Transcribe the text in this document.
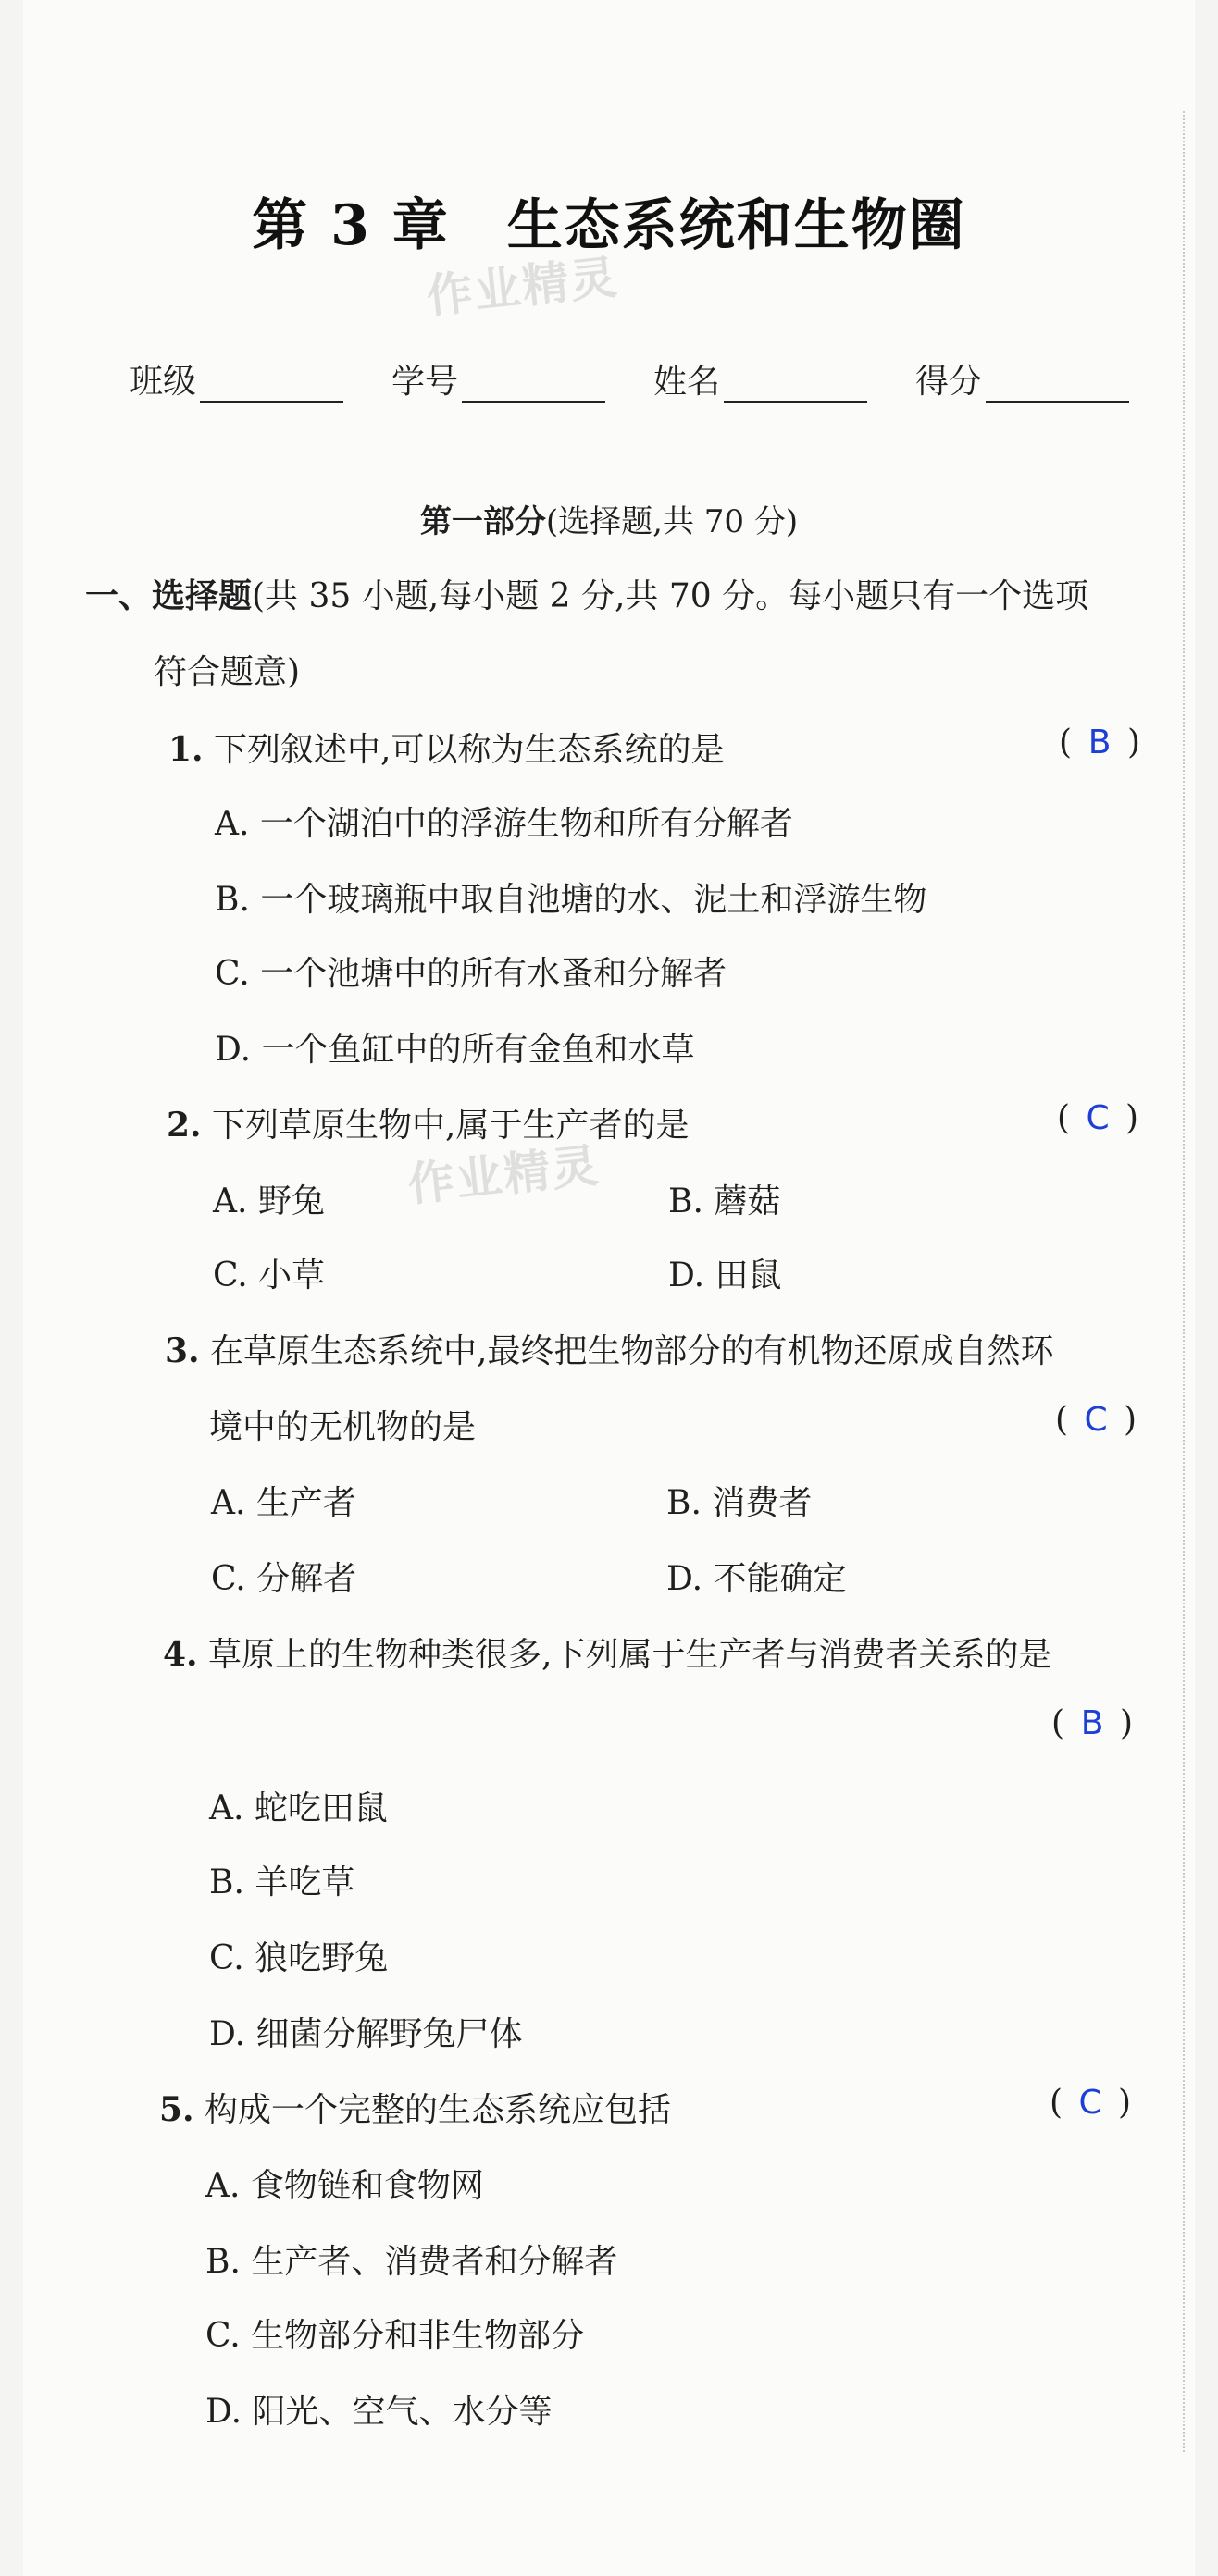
第 3 章　生态系统和生物圈
作业精灵
作业精灵
班级	学号	姓名	得分
第一部分(选择题,共 70 分)
一、选择题(共 35 小题,每小题 2 分,共 70 分。每小题只有一个选项
符合题意)
1. 下列叙述中,可以称为生态系统的是	( B )
A. 一个湖泊中的浮游生物和所有分解者
B. 一个玻璃瓶中取自池塘的水、泥土和浮游生物
C. 一个池塘中的所有水蚤和分解者
D. 一个鱼缸中的所有金鱼和水草
2. 下列草原生物中,属于生产者的是	( C )
A. 野兔	B. 蘑菇
C. 小草	D. 田鼠
3. 在草原生态系统中,最终把生物部分的有机物还原成自然环
境中的无机物的是	( C )
A. 生产者	B. 消费者
C. 分解者	D. 不能确定
4. 草原上的生物种类很多,下列属于生产者与消费者关系的是
( B )
A. 蛇吃田鼠
B. 羊吃草
C. 狼吃野兔
D. 细菌分解野兔尸体
5. 构成一个完整的生态系统应包括	( C )
A. 食物链和食物网
B. 生产者、消费者和分解者
C. 生物部分和非生物部分
D. 阳光、空气、水分等
